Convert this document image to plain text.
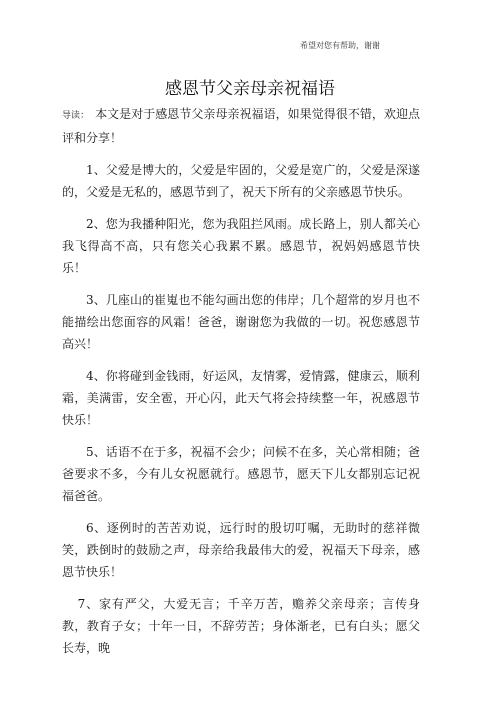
希望对您有帮助，谢谢
感恩节父亲母亲祝福语

导读： 本文是对于感恩节父亲母亲祝福语，如果觉得很不错，欢迎点评和分享！

1、父爱是博大的，父爱是牢固的，父爱是宽广的，父爱是深遂的，父爱是无私的，感恩节到了，祝天下所有的父亲感恩节快乐。

2、您为我播种阳光，您为我阻拦风雨。成长路上，别人都关心我飞得高不高，只有您关心我累不累。感恩节，祝妈妈感恩节快乐！

3、几座山的崔嵬也不能勾画出您的伟岸；几个超常的岁月也不能描绘出您面容的风霜！爸爸，谢谢您为我做的一切。祝您感恩节高兴！

4、你将碰到金钱雨，好运风，友情雾，爱情露，健康云，顺利霜，美满雷，安全雹，开心闪，此天气将会持续整一年，祝感恩节快乐！

5、话语不在于多，祝福不会少；问候不在多，关心常相随；爸爸要求不多，今有儿女祝愿就行。感恩节，愿天下儿女都别忘记祝福爸爸。

6、逐例时的苦苦劝说，远行时的殷切叮嘱，无助时的慈祥微笑，跌倒时的鼓励之声，母亲给我最伟大的爱，祝福天下母亲，感恩节快乐！

7、家有严父，大爱无言；千辛万苦，赡养父亲母亲；言传身教，教育子女；十年一日，不辞劳苦；身体渐老，已有白头；愿父长寿，晚
